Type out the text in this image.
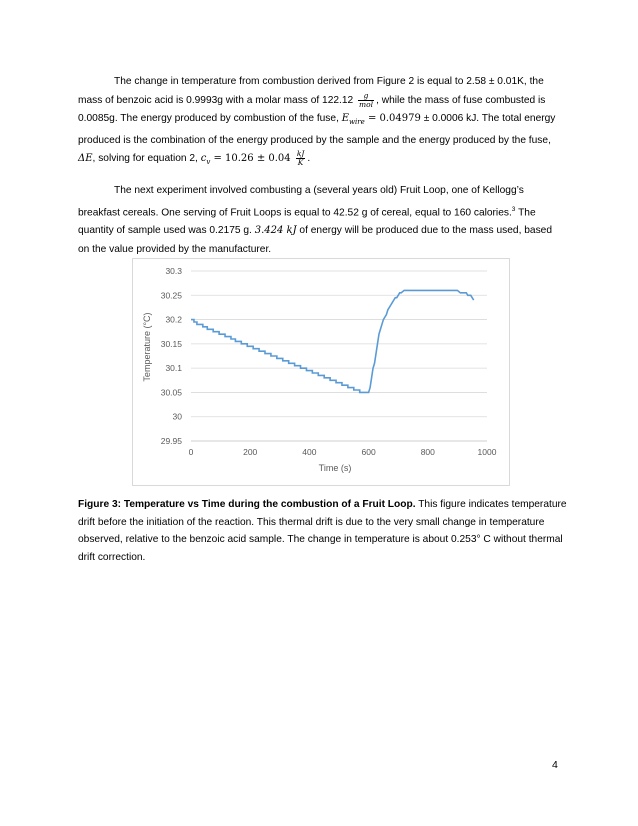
The change in temperature from combustion derived from Figure 2 is equal to 2.58 ± 0.01K, the mass of benzoic acid is 0.9993g with a molar mass of $122.12 \frac{g}{\text{mol}}$ , while the mass of fuse combusted is 0.0085g. The energy produced by combustion of the fuse, $E_{wire} = 0.04979 \pm 0.0006$ kJ. The total energy produced is the combination of the energy produced by the sample and the energy produced by the fuse, ΔE, solving for equation 2, $c_v = 10.26 \pm 0.04 \frac{kJ}{K}$ .

The next experiment involved combusting a (several years old) Fruit Loop, one of Kellogg’s breakfast cereals. One serving of Fruit Loops is equal to 42.52 g of cereal, equal to 160 calories.$^3$ The quantity of sample used was 0.2175 g. 3.424 kJ of energy will be produced due to the mass used, based on the value provided by the manufacturer.

29.95
30
30.05
30.1
30.15
30.2
30.25
30.3
0	200	400	600	800	1000
Time (s)
Temperature (°C)

Figure 3: Temperature vs Time during the combustion of a Fruit Loop. This figure indicates temperature drift before the initiation of the reaction. This thermal drift is due to the very small change in temperature observed, relative to the benzoic acid sample. The change in temperature is about 0.253° C without thermal drift correction.

4
